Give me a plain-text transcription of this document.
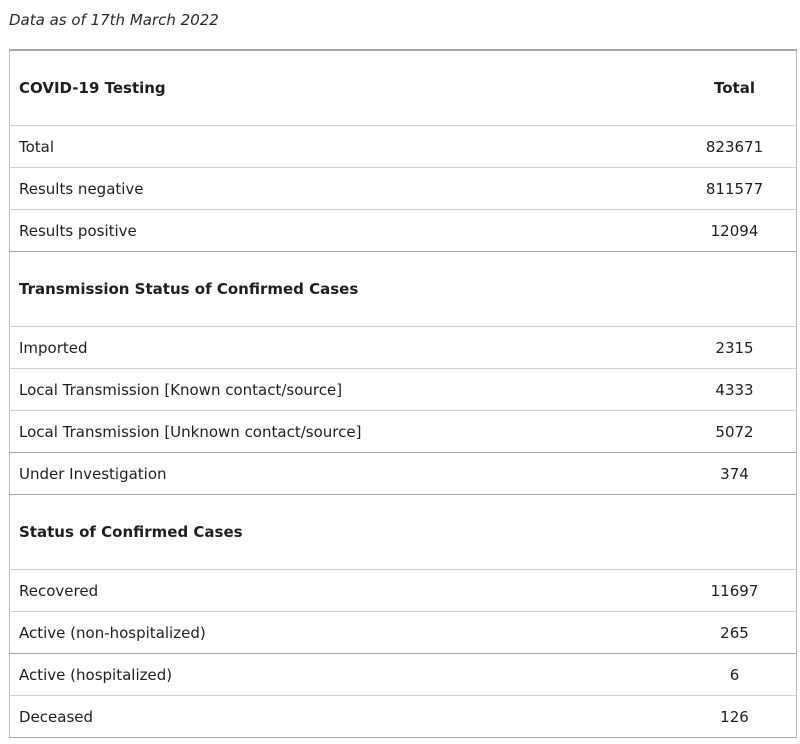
Data as of 17th March 2022
COVID-19 Testing	Total
Total	823671
Results negative	811577
Results positive	12094
Transmission Status of Confirmed Cases	
Imported	2315
Local Transmission [Known contact/source]	4333
Local Transmission [Unknown contact/source]	5072
Under Investigation	374
Status of Confirmed Cases	
Recovered	11697
Active (non-hospitalized)	265
Active (hospitalized)	6
Deceased	126
